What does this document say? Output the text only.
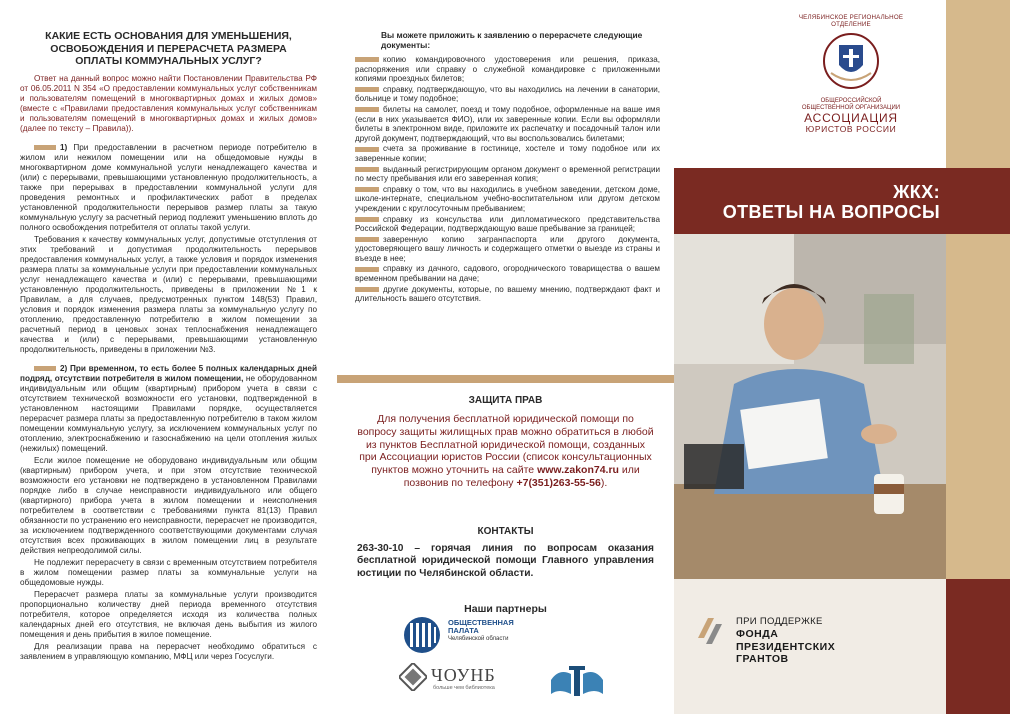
КАКИЕ ЕСТЬ ОСНОВАНИЯ ДЛЯ УМЕНЬШЕНИЯ, ОСВОБОЖДЕНИЯ И ПЕРЕРАСЧЕТА РАЗМЕРА ОПЛАТЫ КОММУНАЛЬНЫХ УСЛУГ?

Ответ на данный вопрос можно найти Постановлении Правительства РФ от 06.05.2011 N 354 «О предоставлении коммунальных услуг собственникам и пользователям помещений в многоквартирных домах и жилых домов» (вместе с «Правилами предоставления коммунальных услуг собственникам и пользователям помещений в многоквартирных домах и жилых домов» (далее по тексту – Правила)).

1) При предоставлении в расчетном периоде потребителю в жилом или нежилом помещении или на общедомовые нужды в многоквартирном доме коммунальной услуги ненадлежащего качества и (или) с перерывами, превышающими установленную продолжительность, а также при перерывах в предоставлении коммунальной услуги для проведения ремонтных и профилактических работ в пределах установленной продолжительности перерывов размер платы за такую коммунальную услугу за расчетный период подлежит уменьшению вплоть до полного освобождения потребителя от оплаты такой услуги.

Требования к качеству коммунальных услуг, допустимые отступления от этих требований и допустимая продолжительность перерывов предоставления коммунальных услуг, а также условия и порядок изменения размера платы за коммунальные услуги при предоставлении коммунальных услуг ненадлежащего качества и (или) с перерывами, превышающими установленную продолжительность, приведены в приложении №1 к Правилам, а для случаев, предусмотренных пунктом 148(53) Правил, условия и порядок изменения размера платы за коммунальную услугу по отоплению, предоставленную потребителю в жилом помещении за расчетный период в ценовых зонах теплоснабжения ненадлежащего качества и (или) с перерывами, превышающими установленную продолжительность, приведены в приложении №3.

2) При временном, то есть более 5 полных календарных дней подряд, отсутствии потребителя в жилом помещении, не оборудованном индивидуальным или общим (квартирным) прибором учета в связи с отсутствием технической возможности его установки, подтвержденной в установленном настоящими Правилами порядке, осуществляется перерасчет размера платы за предоставленную потребителю в таком жилом помещении коммунальную услугу, за исключением коммунальных услуг по отоплению, электроснабжению и газоснабжению на цели отопления жилых (нежилых) помещений.

Если жилое помещение не оборудовано индивидуальным или общим (квартирным) прибором учета, и при этом отсутствие технической возможности его установки не подтверждено в установленном Правилами порядке либо в случае неисправности индивидуального или общего (квартирного) прибора учета в жилом помещении и неисполнения потребителем в соответствии с требованиями пункта 81(13) Правил обязанности по устранению его неисправности, перерасчет не производится, за исключением подтвержденного соответствующими документами случая отсутствия всех проживающих в жилом помещении лиц в результате действия непреодолимой силы.

Не подлежит перерасчету в связи с временным отсутствием потребителя в жилом помещении размер платы за коммунальные услуги на общедомовые нужды.

Перерасчет размера платы за коммунальные услуги производится пропорционально количеству дней периода временного отсутствия потребителя, которое определяется исходя из количества полных календарных дней его отсутствия, не включая день выбытия из жилого помещения и день прибытия в жилое помещение.

Для реализации права на перерасчет необходимо обратиться с заявлением в управляющую компанию, МФЦ или через Госуслуги.

Вы можете приложить к заявлению о перерасчете следующие документы:
копию командировочного удостоверения или решения, приказа, распоряжения или справку о служебной командировке с приложенными копиями проездных билетов;
справку, подтверждающую, что вы находились на лечении в санатории, больнице и тому подобное;
билеты на самолет, поезд и тому подобное, оформленные на ваше имя (если в них указывается ФИО), или их заверенные копии. Если вы оформляли билеты в электронном виде, приложите их распечатку и посадочный талон или другой документ, подтверждающий, что вы воспользовались билетами;
счета за проживание в гостинице, хостеле и тому подобное или их заверенные копии;
выданный регистрирующим органом документ о временной регистрации по месту пребывания или его заверенная копия;
справку о том, что вы находились в учебном заведении, детском доме, школе-интернате, специальном учебно-воспитательном или другом детском учреждении с круглосуточным пребыванием;
справку из консульства или дипломатического представительства Российской Федерации, подтверждающую ваше пребывание за границей;
заверенную копию загранпаспорта или другого документа, удостоверяющего вашу личность и содержащего отметки о выезде из страны и въезде в нее;
справку из дачного, садового, огороднического товарищества о вашем временном пребывании на даче;
другие документы, которые, по вашему мнению, подтверждают факт и длительность вашего отсутствия.
ЗАЩИТА ПРАВ
Для получения бесплатной юридической помощи по вопросу защиты жилищных прав можно обратиться в любой из пунктов Бесплатной юридической помощи, созданных при Ассоциации юристов России (список консультационных пунктов можно уточнить на сайте www.zakon74.ru или позвонив по телефону +7(351)263-55-56).
КОНТАКТЫ
263-30-10 – горячая линия по вопросам оказания бесплатной юридической помощи Главного управления юстиции по Челябинской области.
Наши партнеры
ОБЩЕСТВЕННАЯ
ПАЛАТА
Челябинской области
ЧОУНБ
больше чем библиотека
ЧЕЛЯБИНСКОЕ РЕГИОНАЛЬНОЕ
ОТДЕЛЕНИЕ
ОБЩЕРОССИЙСКОЙ
ОБЩЕСТВЕННОЙ ОРГАНИЗАЦИИ
АССОЦИАЦИЯ
ЮРИСТОВ РОССИИ
ЖКХ:
ОТВЕТЫ НА ВОПРОСЫ
ПРИ ПОДДЕРЖКЕ
ФОНДА
ПРЕЗИДЕНТСКИХ
ГРАНТОВ
